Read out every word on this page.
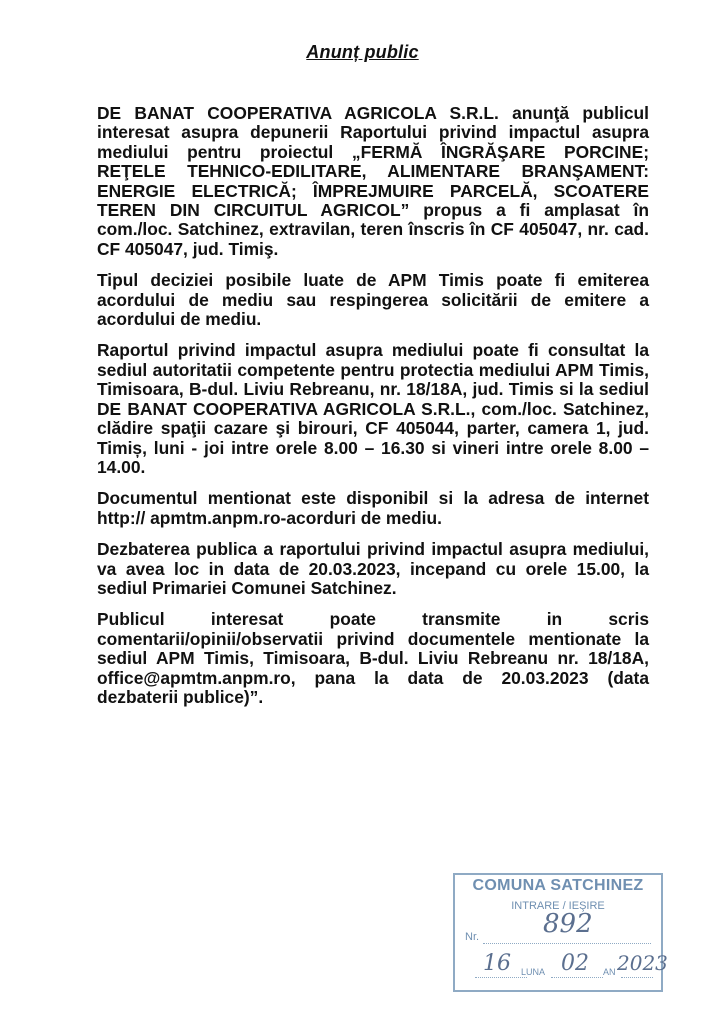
Anunț public

DE BANAT COOPERATIVA AGRICOLA S.R.L. anunţă publicul interesat asupra depunerii Raportului privind impactul asupra mediului pentru proiectul „FERMĂ ÎNGRĂŞARE PORCINE; REŢELE TEHNICO-EDILITARE, ALIMENTARE BRANŞAMENT: ENERGIE ELECTRICĂ; ÎMPREJMUIRE PARCELĂ, SCOATERE TEREN DIN CIRCUITUL AGRICOL” propus a fi amplasat în com./loc. Satchinez, extravilan, teren înscris în CF 405047, nr. cad. CF 405047, jud. Timiş.

Tipul deciziei posibile luate de APM Timis poate fi emiterea acordului de mediu sau respingerea solicitării de emitere a acordului de mediu.

Raportul privind impactul asupra mediului poate fi consultat la sediul autoritatii competente pentru protectia mediului APM Timis, Timisoara, B-dul. Liviu Rebreanu, nr. 18/18A, jud. Timis si la sediul DE BANAT COOPERATIVA AGRICOLA S.R.L., com./loc. Satchinez, clădire spaţii cazare şi birouri, CF 405044, parter, camera 1, jud. Timiș, luni - joi intre orele 8.00 – 16.30 si vineri intre orele 8.00 – 14.00.

Documentul mentionat este disponibil si la adresa de internet http:// apmtm.anpm.ro-acorduri de mediu.

Dezbaterea publica a raportului privind impactul asupra mediului, va avea loc in data de 20.03.2023, incepand cu orele 15.00, la sediul Primariei Comunei Satchinez.

Publicul interesat poate transmite in scris comentarii/opinii/observatii privind documentele mentionate la sediul APM Timis, Timisoara, B-dul. Liviu Rebreanu nr. 18/18A, office@apmtm.anpm.ro, pana la data de 20.03.2023 (data dezbaterii publice)”.

COMUNA SATCHINEZ
INTRARE / IEŞIRE
Nr. 892
16 LUNA 02 AN 2023
